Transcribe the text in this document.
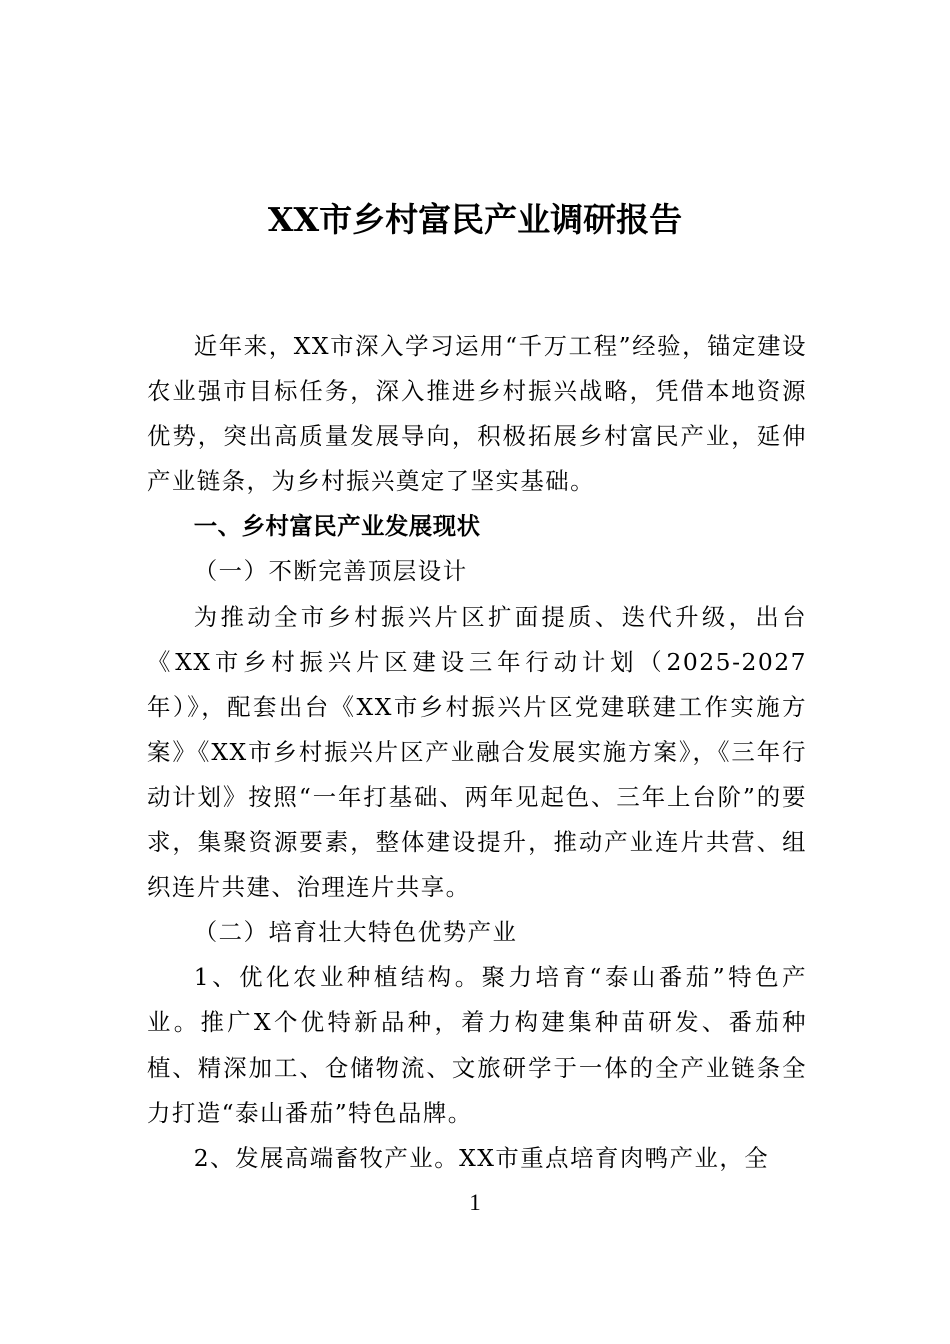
XX市乡村富民产业调研报告

近年来，XX市深入学习运用“千万工程”经验，锚定建设农业强市目标任务，深入推进乡村振兴战略，凭借本地资源优势，突出高质量发展导向，积极拓展乡村富民产业，延伸产业链条，为乡村振兴奠定了坚实基础。

一、乡村富民产业发展现状

（一）不断完善顶层设计

为推动全市乡村振兴片区扩面提质、迭代升级，出台《XX市乡村振兴片区建设三年行动计划（2025-2027年）》，配套出台《XX市乡村振兴片区党建联建工作实施方案》《XX市乡村振兴片区产业融合发展实施方案》，《三年行动计划》按照“一年打基础、两年见起色、三年上台阶”的要求，集聚资源要素，整体建设提升，推动产业连片共营、组织连片共建、治理连片共享。

（二）培育壮大特色优势产业

1、优化农业种植结构。聚力培育“泰山番茄”特色产业。推广X个优特新品种，着力构建集种苗研发、番茄种植、精深加工、仓储物流、文旅研学于一体的全产业链条全力打造“泰山番茄”特色品牌。

2、发展高端畜牧产业。XX市重点培育肉鸭产业，全

1
